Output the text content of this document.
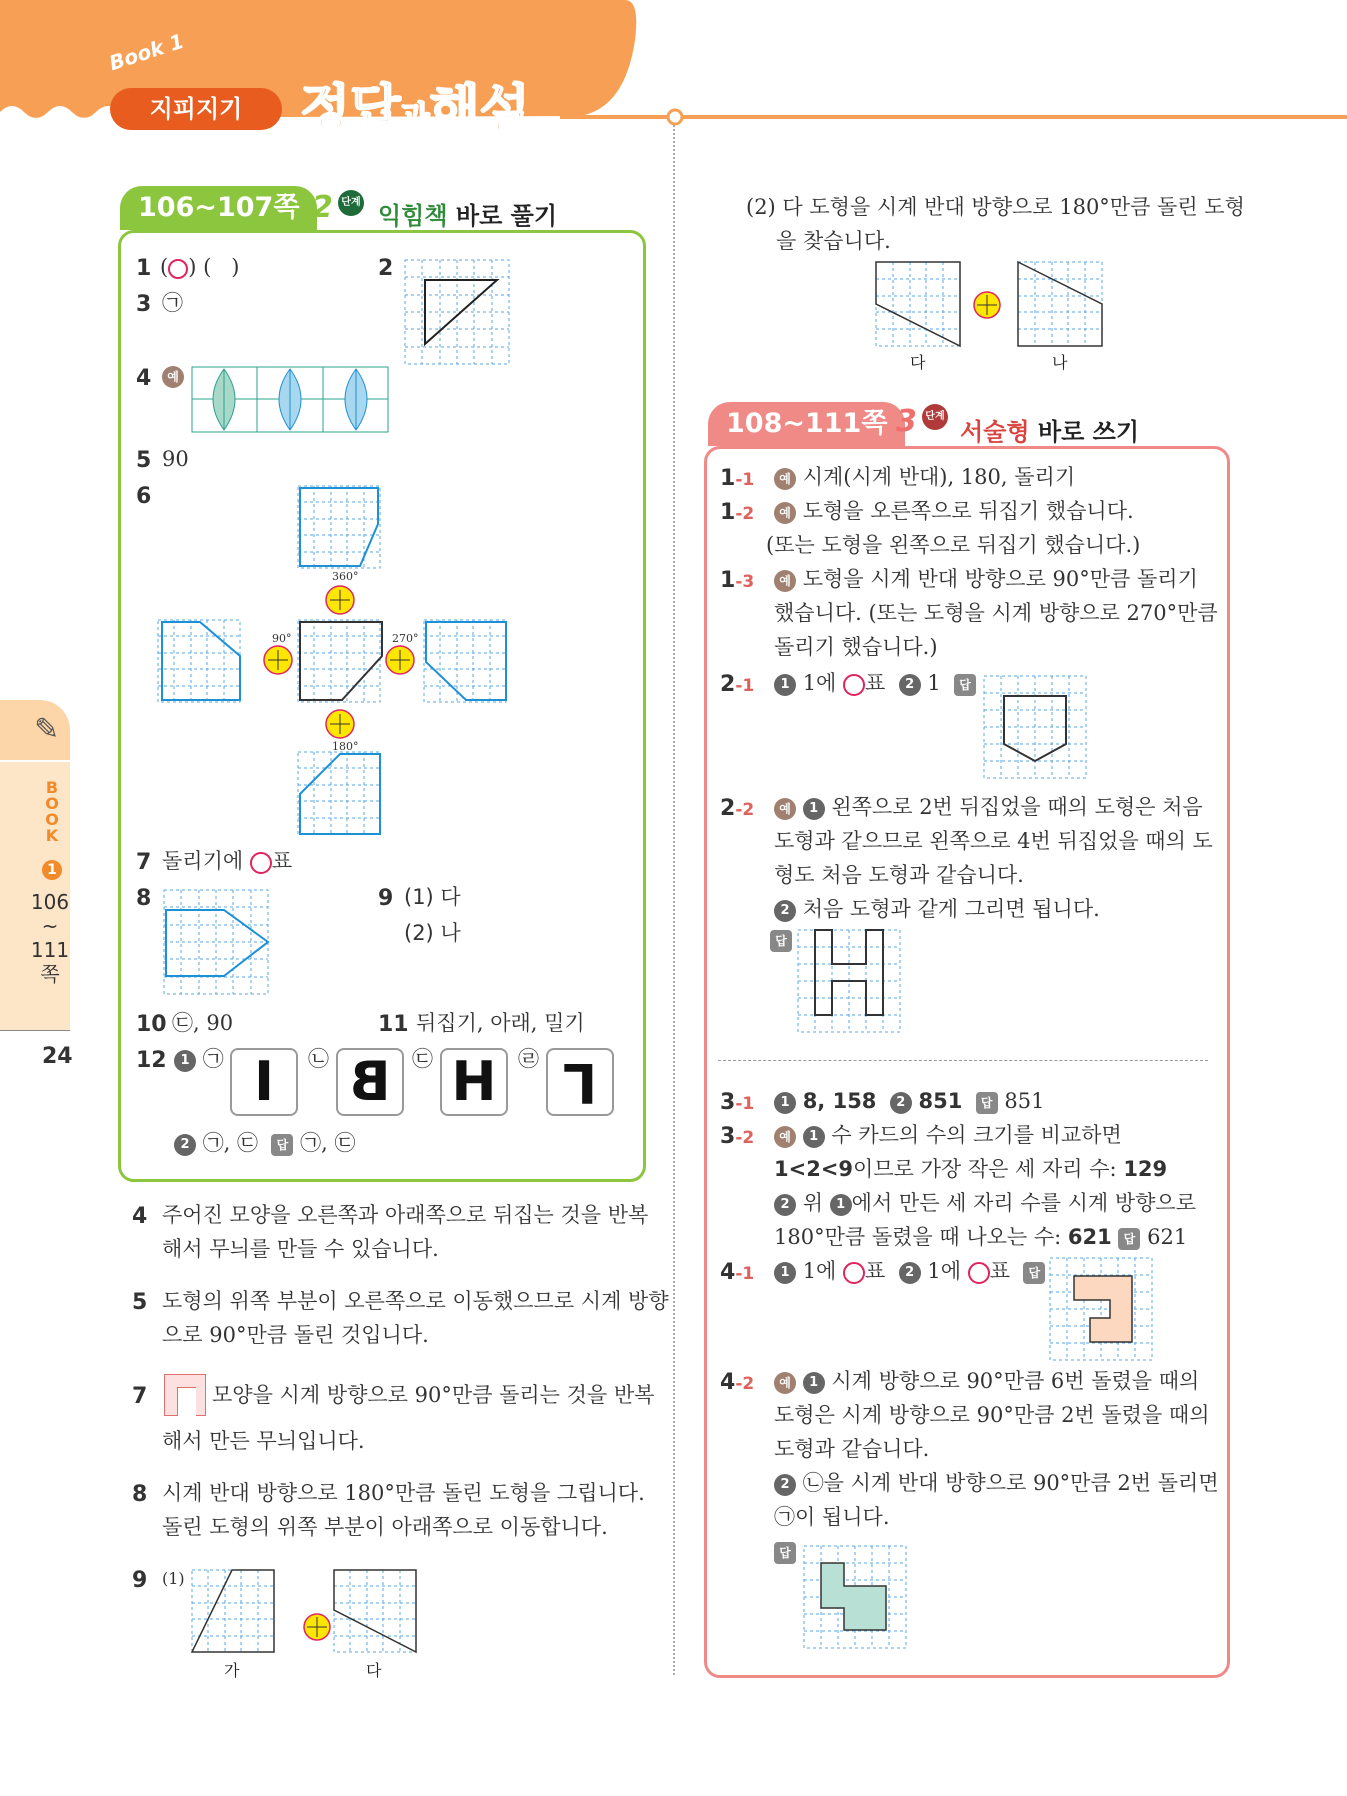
Book 1
지피지기	정답과해설
✎
BOOK
1
106
~
111
쪽
24
106~107쪽 2 단계 익힘책 바로 풀기
1 ( ) ( )	2
3 ㉠
4	예
5 90
6
360°
90°	270°
180°
7 돌리기에 표
8	9 (1) 다
(2) 나
10 ㉢, 90	11 뒤집기, 아래, 밀기
12	1 ㉠ I	㉡ B	㉢ H	㉣ L
2 ㉠, ㉢ 답 ㉠, ㉢
4 주어진 모양을 오른쪽과 아래쪽으로 뒤집는 것을 반복
해서 무늬를 만들 수 있습니다.
5 도형의 위쪽 부분이 오른쪽으로 이동했으므로 시계 방향
으로 90°만큼 돌린 것입니다.
7	모양을 시계 방향으로 90°만큼 돌리는 것을 반복
해서 만든 무늬입니다.
8 시계 반대 방향으로 180°만큼 돌린 도형을 그립니다.
돌린 도형의 위쪽 부분이 아래쪽으로 이동합니다.
9 (1)
가	다
(2) 다 도형을 시계 반대 방향으로 180°만큼 돌린 도형
을 찾습니다.
다	나
108~111쪽 3 단계
서술형 바로 쓰기
1-1	예 시계(시계 반대), 180, 돌리기
1-2	예 도형을 오른쪽으로 뒤집기 했습니다.
(또는 도형을 왼쪽으로 뒤집기 했습니다.)
1-3	예 도형을 시계 반대 방향으로 90°만큼 돌리기
했습니다. (또는 도형을 시계 방향으로 270°만큼
돌리기 했습니다.)
2-1	1 1에 표 2 1 답
2-2	예 1 왼쪽으로 2번 뒤집었을 때의 도형은 처음
도형과 같으므로 왼쪽으로 4번 뒤집었을 때의 도
형도 처음 도형과 같습니다.
2 처음 도형과 같게 그리면 됩니다.
답
3-1	1 8, 158 2 851 답 851
3-2	예 1 수 카드의 수의 크기를 비교하면
1<2<9이므로 가장 작은 세 자리 수: 129
2 위 1 에서 만든 세 자리 수를 시계 방향으로
180°만큼 돌렸을 때 나오는 수: 621 답 621
4-1	1 1에 표 2 1에 표 답
4-2	예 1 시계 방향으로 90°만큼 6번 돌렸을 때의
도형은 시계 방향으로 90°만큼 2번 돌렸을 때의
도형과 같습니다.
2 ㉡을 시계 반대 방향으로 90°만큼 2번 돌리면
㉠이 됩니다.
답
